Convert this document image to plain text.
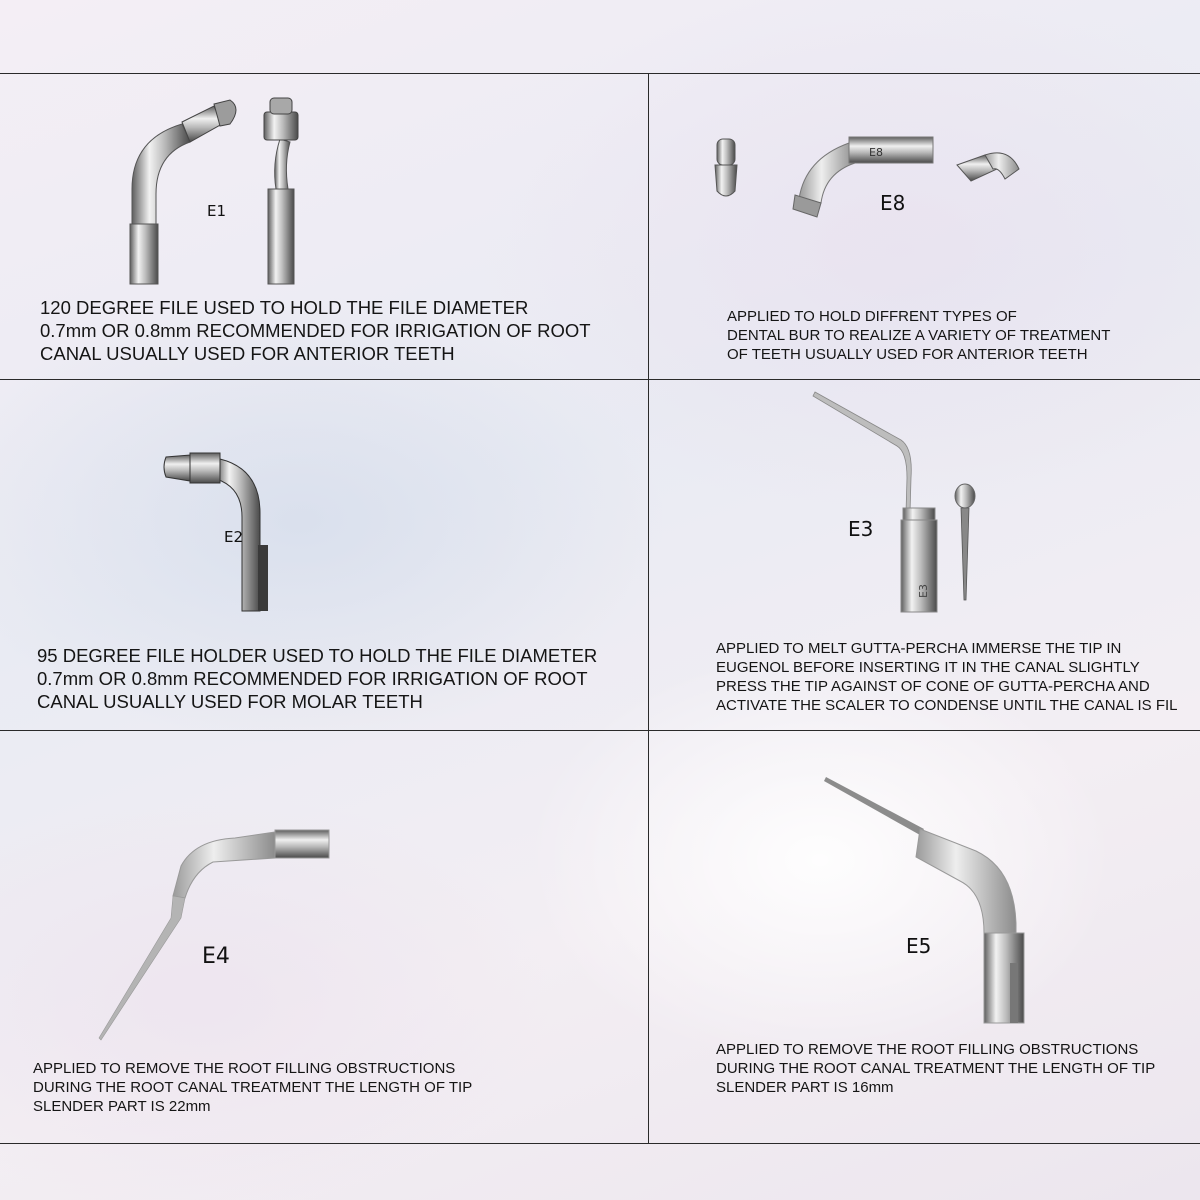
E1
120 DEGREE FILE USED TO HOLD THE FILE DIAMETER
0.7mm OR 0.8mm RECOMMENDED FOR IRRIGATION OF ROOT
CANAL USUALLY USED FOR ANTERIOR TEETH
E8
E8
APPLIED TO HOLD DIFFRENT TYPES OF
DENTAL BUR TO REALIZE A VARIETY OF TREATMENT
OF TEETH USUALLY USED FOR ANTERIOR TEETH
E2
95 DEGREE FILE HOLDER USED TO HOLD THE FILE DIAMETER
0.7mm OR 0.8mm RECOMMENDED FOR IRRIGATION OF ROOT
CANAL USUALLY USED FOR MOLAR TEETH
E3
E3
APPLIED TO MELT GUTTA-PERCHA IMMERSE THE TIP IN
EUGENOL BEFORE INSERTING IT IN THE CANAL SLIGHTLY
PRESS THE TIP AGAINST OF CONE OF GUTTA-PERCHA AND
ACTIVATE THE SCALER TO CONDENSE UNTIL THE CANAL IS FIL
E4
APPLIED TO REMOVE THE ROOT FILLING OBSTRUCTIONS
DURING THE ROOT CANAL TREATMENT THE LENGTH OF TIP
SLENDER PART IS 22mm
E5
APPLIED TO REMOVE THE ROOT FILLING OBSTRUCTIONS
DURING THE ROOT CANAL TREATMENT THE LENGTH OF TIP
SLENDER PART IS 16mm
